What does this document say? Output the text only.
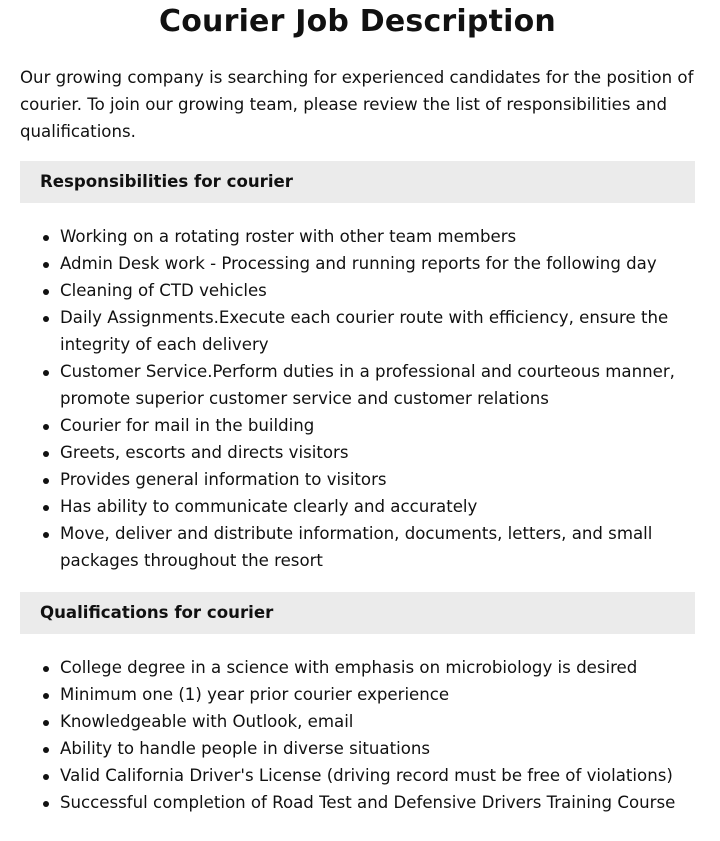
Courier Job Description

Our growing company is searching for experienced candidates for the position of courier. To join our growing team, please review the list of responsibilities and qualifications.

Responsibilities for courier
Working on a rotating roster with other team members
Admin Desk work - Processing and running reports for the following day
Cleaning of CTD vehicles
Daily Assignments.Execute each courier route with efficiency, ensure the integrity of each delivery
Customer Service.Perform duties in a professional and courteous manner, promote superior customer service and customer relations
Courier for mail in the building
Greets, escorts and directs visitors
Provides general information to visitors
Has ability to communicate clearly and accurately
Move, deliver and distribute information, documents, letters, and small packages throughout the resort
Qualifications for courier
College degree in a science with emphasis on microbiology is desired
Minimum one (1) year prior courier experience
Knowledgeable with Outlook, email
Ability to handle people in diverse situations
Valid California Driver's License (driving record must be free of violations)
Successful completion of Road Test and Defensive Drivers Training Course
